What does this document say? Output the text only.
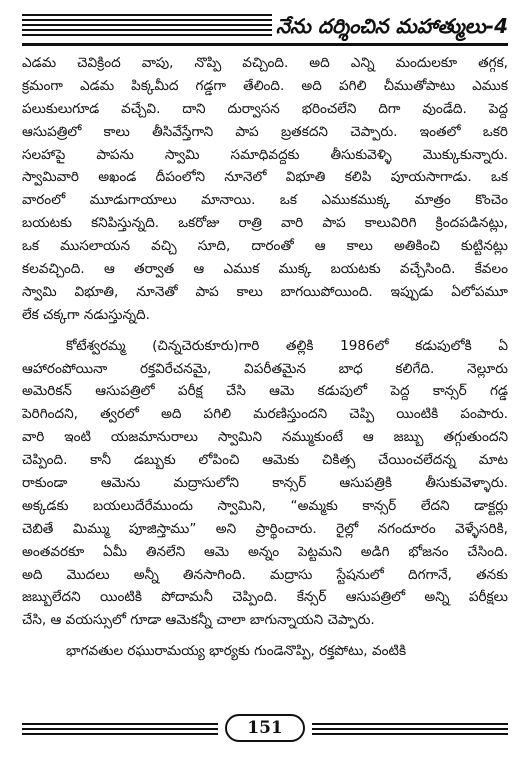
నేను దర్శించిన మహాత్ములు-4
ఎడమ చెవిక్రింద వాపు, నొప్పి వచ్చింది. అది ఎన్ని మందులకూ తగ్గక,
క్రమంగా ఎడమ పిక్కమీద గడ్డగా తేలింది. అది పగిలి చీముతోపాటు ఎముక
పలుకులుగూడ వచ్చేవి. దాని దుర్వాసన భరించలేని దిగా వుండేది. పెద్ద
ఆసుపత్రిలో కాలు తీసివేస్తేగాని పాప బ్రతకదని చెప్పారు. ఇంతలో ఒకరి
సలహాపై పాపను స్వామి సమాధివద్దకు తీసుకువెళ్ళి మొక్కుకున్నారు.
స్వామివారి అఖండ దీపంలోని నూనెలో విభూతి కలిపి పూయసాగాడు. ఒక
వారంలో మూడుగాయాలు మానాయి. ఒక ఎముకముక్క మాత్రం కొంచెం
బయటకు కనిపిస్తున్నది. ఒకరోజు రాత్రి వారి పాప కాలువిరిగి క్రిందపడినట్లు,
ఒక ముసలాయన వచ్చి సూది, దారంతో ఆ కాలు అతికించి కుట్టినట్లు
కలవచ్చింది. ఆ తర్వాత ఆ ఎముక ముక్క బయటకు వచ్చేసింది. కేవలం
స్వామి విభూతి, నూనెతో పాప కాలు బాగయిపోయింది. ఇప్పుడు ఏలోపమూ
లేక చక్కగా నడుస్తున్నది.
కోటేశ్వరమ్మ (చిన్నచెరుకూరు)గారి తల్లికి 1986లో కడుపులోకి ఏ
ఆహారంపోయినా రక్తవిరేచనమై, విపరీతమైన బాధ కలిగేది. నెల్లూరు
అమెరికన్ ఆసుపత్రిలో పరీక్ష చేసి ఆమె కడుపులో పెద్ద కాన్సర్ గడ్డ
పెరిగిందని, త్వరలో అది పగిలి మరణిస్తుందని చెప్పి యింటికి పంపారు.
వారి ఇంటి యజమానురాలు స్వామిని నమ్ముకుంటే ఆ జబ్బు తగ్గుతుందని
చెప్పింది. కానీ డబ్బుకు లోపించి ఆమెకు చికిత్స చేయించలేదన్న మాట
రాకుండా ఆమెను మద్రాసులోని కాన్సర్ ఆసుపత్రికి తీసుకువెళ్ళారు.
అక్కడకు బయలుదేరేముందు స్వామిని, “అమ్మకు కాన్సర్ లేదని డాక్టర్లు
చెబితే మిమ్ము పూజిస్తాము” అని ప్రార్థించారు. రైల్లో నగందూరం వెళ్ళేసరికి,
అంతవరకూ ఏమీ తినలేని ఆమె అన్నం పెట్టమని అడిగి భోజనం చేసింది.
అది మొదలు అన్నీ తినసాగింది. మద్రాసు స్టేషనులో దిగగానే, తనకు
జబ్బులేదని యింటికి పోదామనీ చెప్పింది. కేన్సర్ ఆసుపత్రిలో అన్ని పరీక్షలు
చేసి, ఆ వయస్సులో గూడా ఆమెకన్నీ చాలా బాగున్నాయని చెప్పారు.
భాగవతుల రఘురామయ్య భార్యకు గుండెనొప్పి, రక్తపోటు, వంటికి
151
